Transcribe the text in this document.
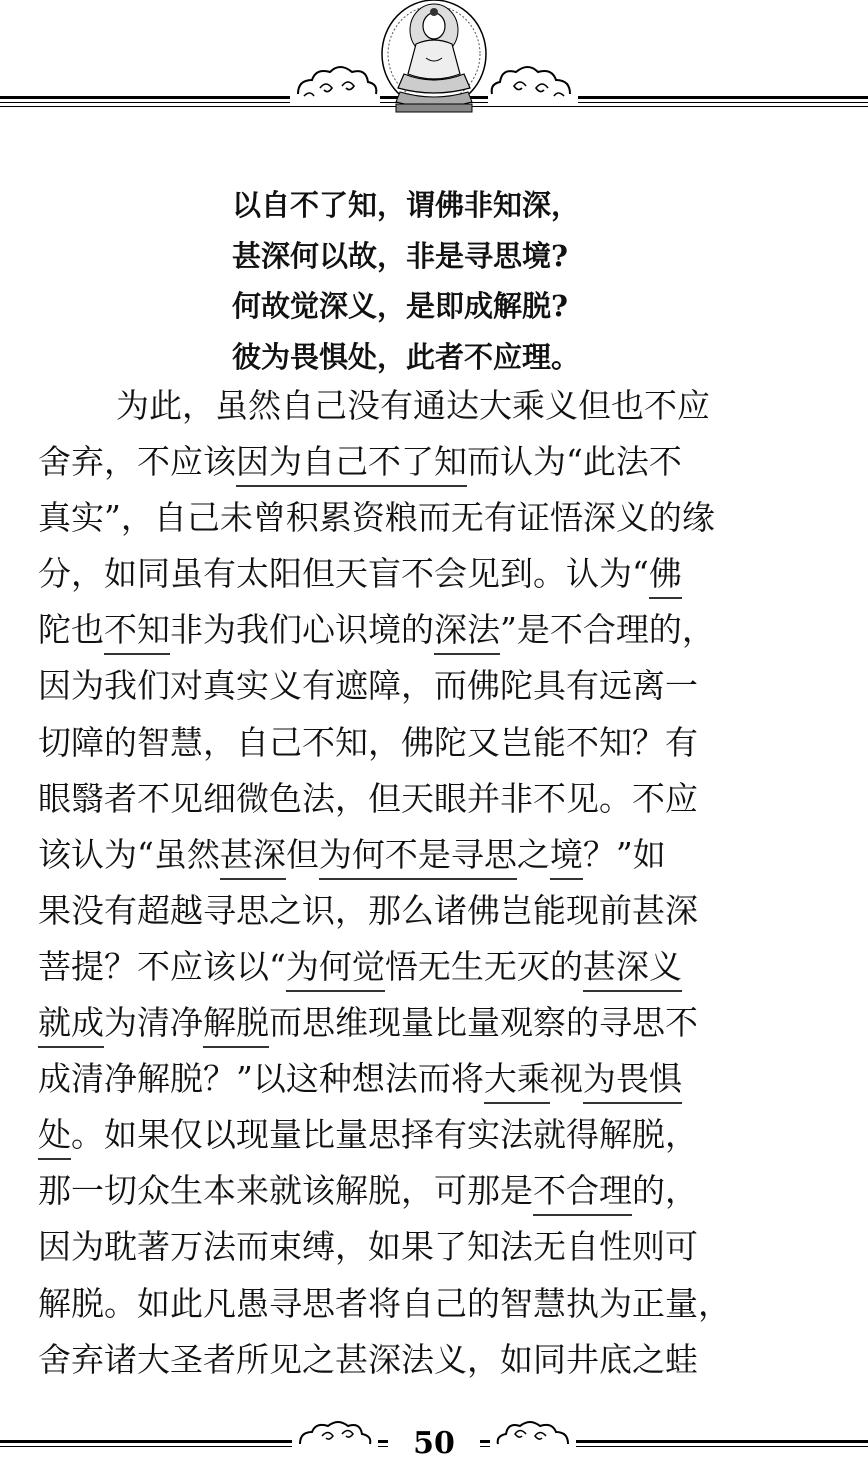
以自不了知，谓佛非知深，
甚深何以故，非是寻思境?
何故觉深义，是即成解脱?
彼为畏惧处，此者不应理。
为此，虽然自己没有通达大乘义但也不应
舍弃，不应该因为自己不了知而认为“此法不
真实”，自己未曾积累资粮而无有证悟深义的缘
分，如同虽有太阳但天盲不会见到。认为“佛
陀也不知非为我们心识境的深法”是不合理的，
因为我们对真实义有遮障，而佛陀具有远离一
切障的智慧，自己不知，佛陀又岂能不知？有
眼翳者不见细微色法，但天眼并非不见。不应
该认为“虽然甚深但为何不是寻思之境？”如
果没有超越寻思之识，那么诸佛岂能现前甚深
菩提？不应该以“为何觉悟无生无灭的甚深义
就成为清净解脱而思维现量比量观察的寻思不
成清净解脱？”以这种想法而将大乘视为畏惧
处。如果仅以现量比量思择有实法就得解脱，
那一切众生本来就该解脱，可那是不合理的，
因为耽著万法而束缚，如果了知法无自性则可
解脱。如此凡愚寻思者将自己的智慧执为正量，
舍弃诸大圣者所见之甚深法义，如同井底之蛙
50
